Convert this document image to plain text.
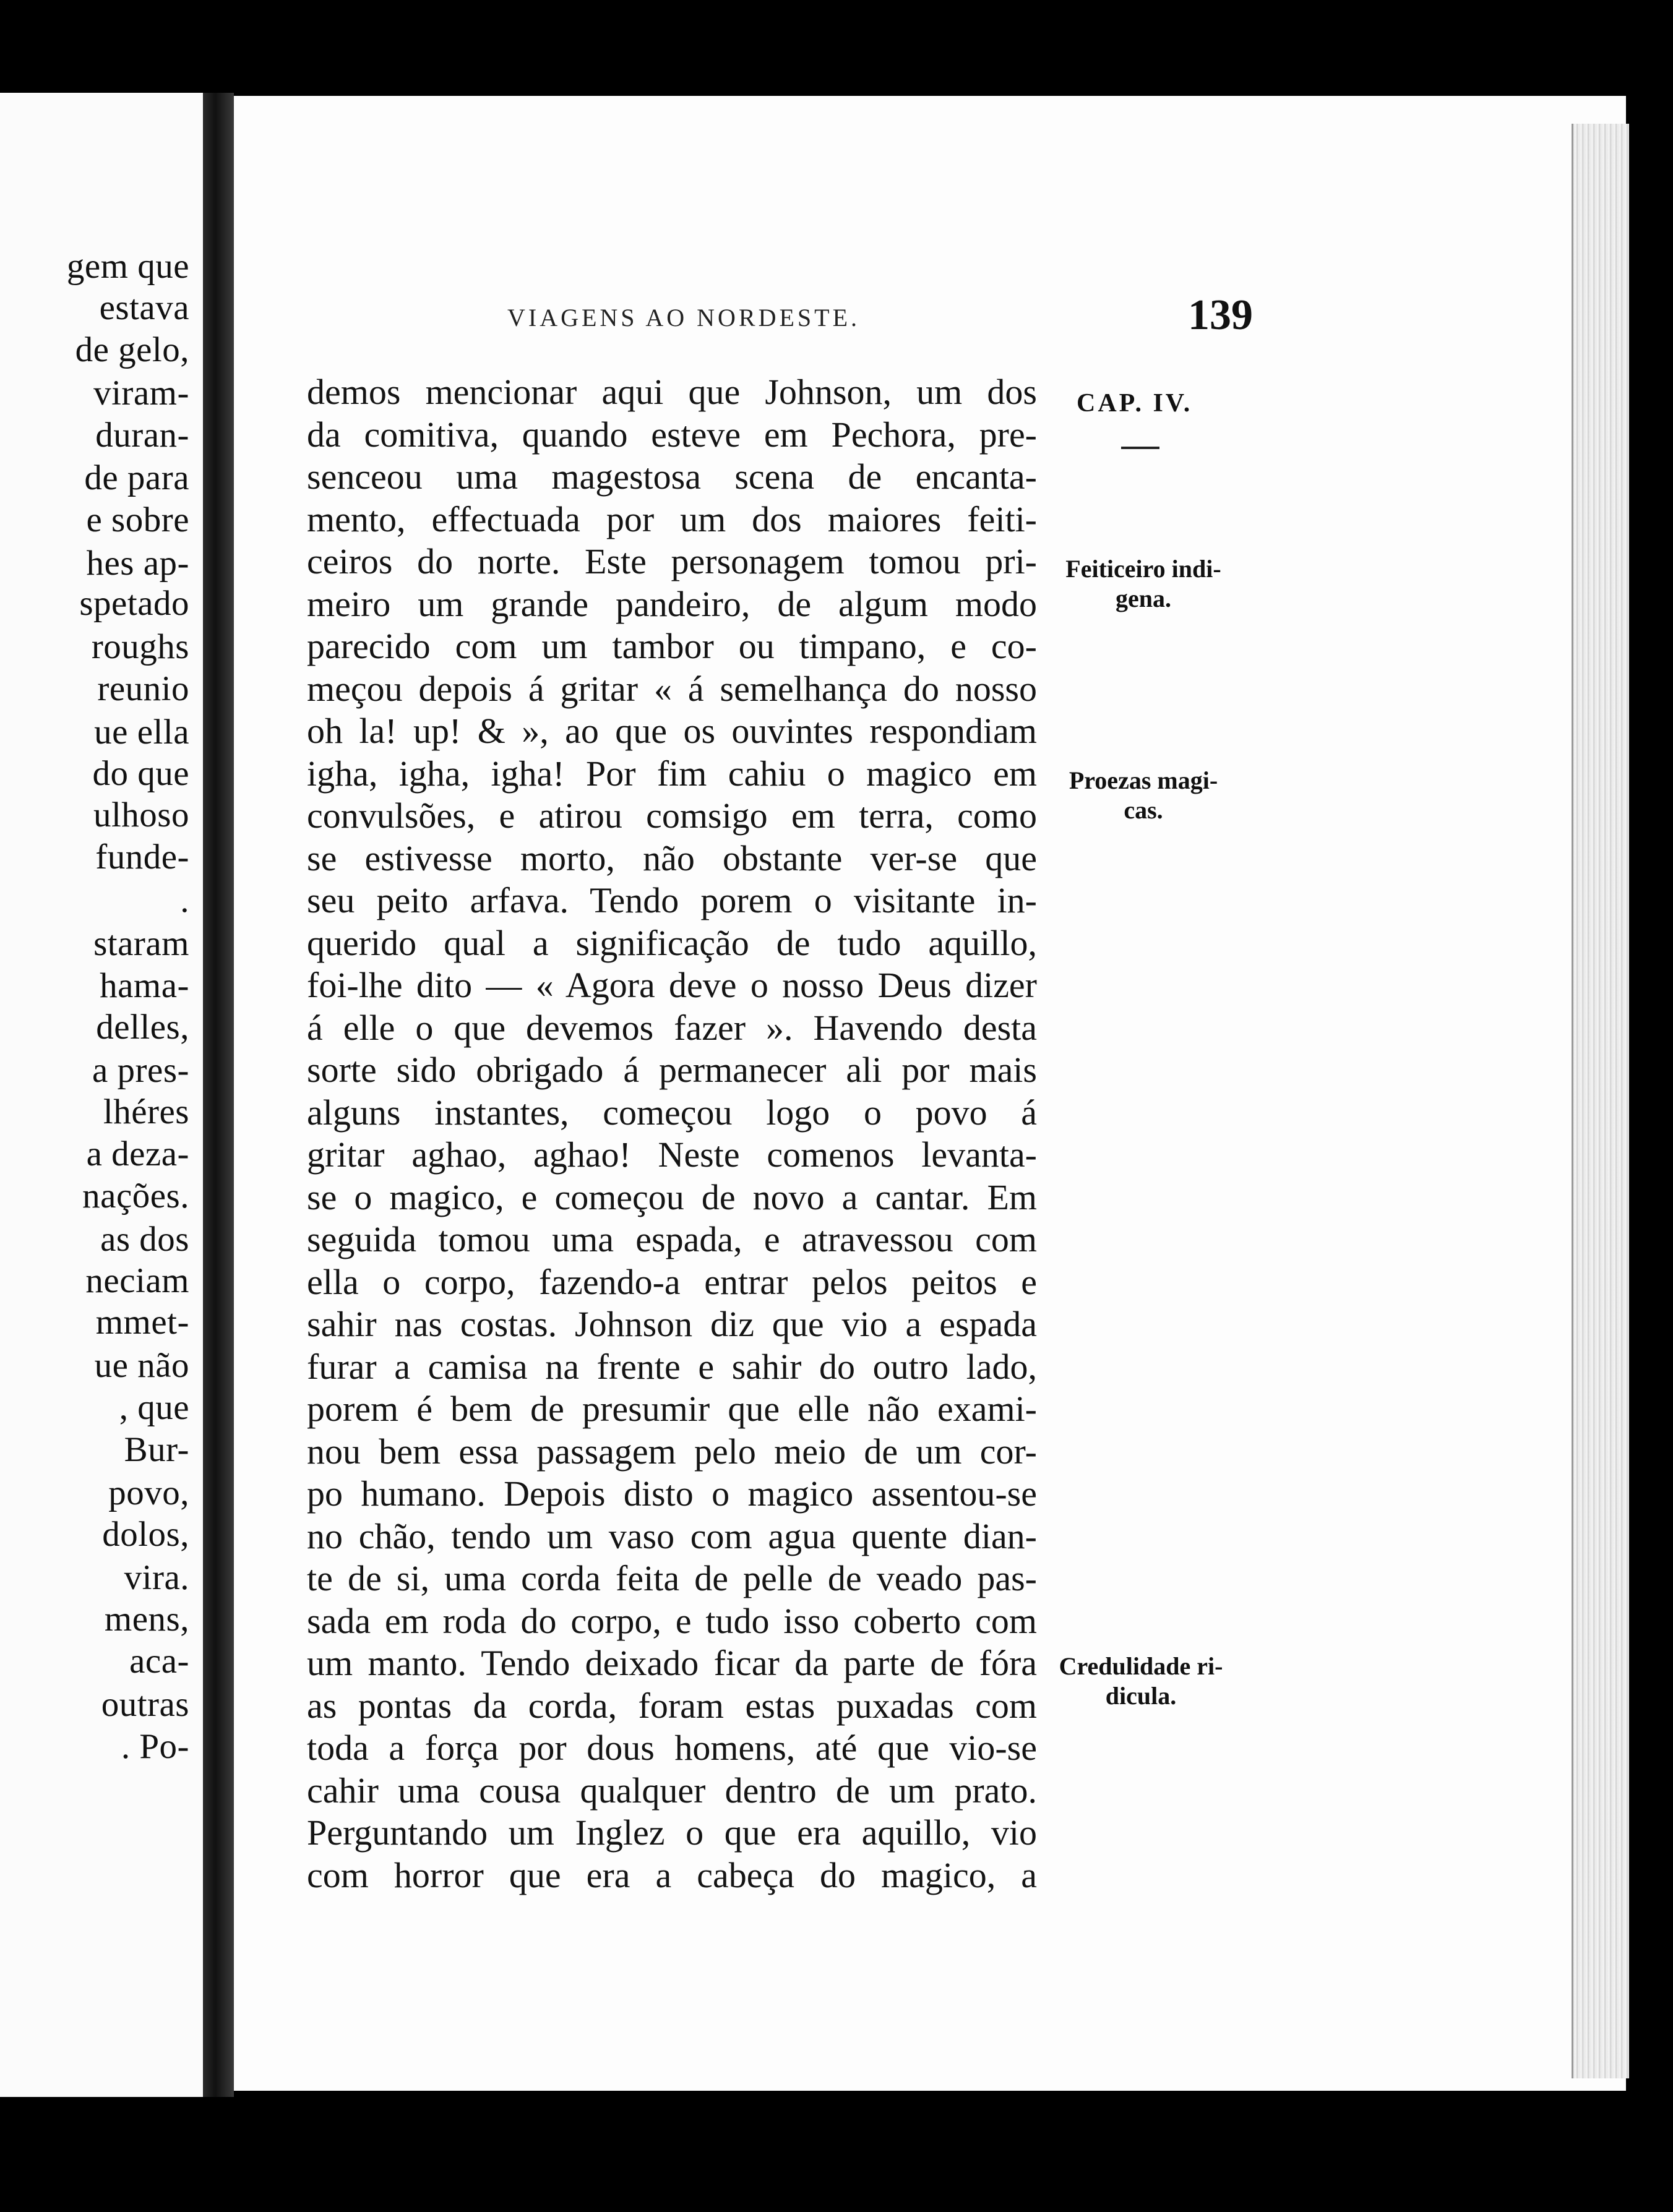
gem que
estava
de gelo,
viram-
duran-
de para
e sobre
hes ap-
spetado
roughs
reunio
ue ella
do que
ulhoso
funde-
.
staram
hama-
delles,
a pres-
lhéres
a deza-
nações.
as dos
neciam
mmet-
ue não
, que
Bur-
povo,
dolos,
vira.
mens,
aca-
outras
. Po-
VIAGENS AO NORDESTE.	139
CAP. IV.
Feiticeiro indi-
gena.
Proezas magi-
cas.
Credulidade ri-
dicula.
demos mencionar aqui que Johnson, um dos
da comitiva, quando esteve em Pechora, pre-
senceou uma magestosa scena de encanta-
mento, effectuada por um dos maiores feiti-
ceiros do norte. Este personagem tomou pri-
meiro um grande pandeiro, de algum modo
parecido com um tambor ou timpano, e co-
meçou depois á gritar « á semelhança do nosso
oh la! up! & », ao que os ouvintes respondiam
igha, igha, igha! Por fim cahiu o magico em
convulsões, e atirou comsigo em terra, como
se estivesse morto, não obstante ver-se que
seu peito arfava. Tendo porem o visitante in-
querido qual a significação de tudo aquillo,
foi-lhe dito — « Agora deve o nosso Deus dizer
á elle o que devemos fazer ». Havendo desta
sorte sido obrigado á permanecer ali por mais
alguns instantes, começou logo o povo á
gritar aghao, aghao! Neste comenos levanta-
se o magico, e começou de novo a cantar. Em
seguida tomou uma espada, e atravessou com
ella o corpo, fazendo-a entrar pelos peitos e
sahir nas costas. Johnson diz que vio a espada
furar a camisa na frente e sahir do outro lado,
porem é bem de presumir que elle não exami-
nou bem essa passagem pelo meio de um cor-
po humano. Depois disto o magico assentou-se
no chão, tendo um vaso com agua quente dian-
te de si, uma corda feita de pelle de veado pas-
sada em roda do corpo, e tudo isso coberto com
um manto. Tendo deixado ficar da parte de fóra
as pontas da corda, foram estas puxadas com
toda a força por dous homens, até que vio-se
cahir uma cousa qualquer dentro de um prato.
Perguntando um Inglez o que era aquillo, vio
com horror que era a cabeça do magico, a
